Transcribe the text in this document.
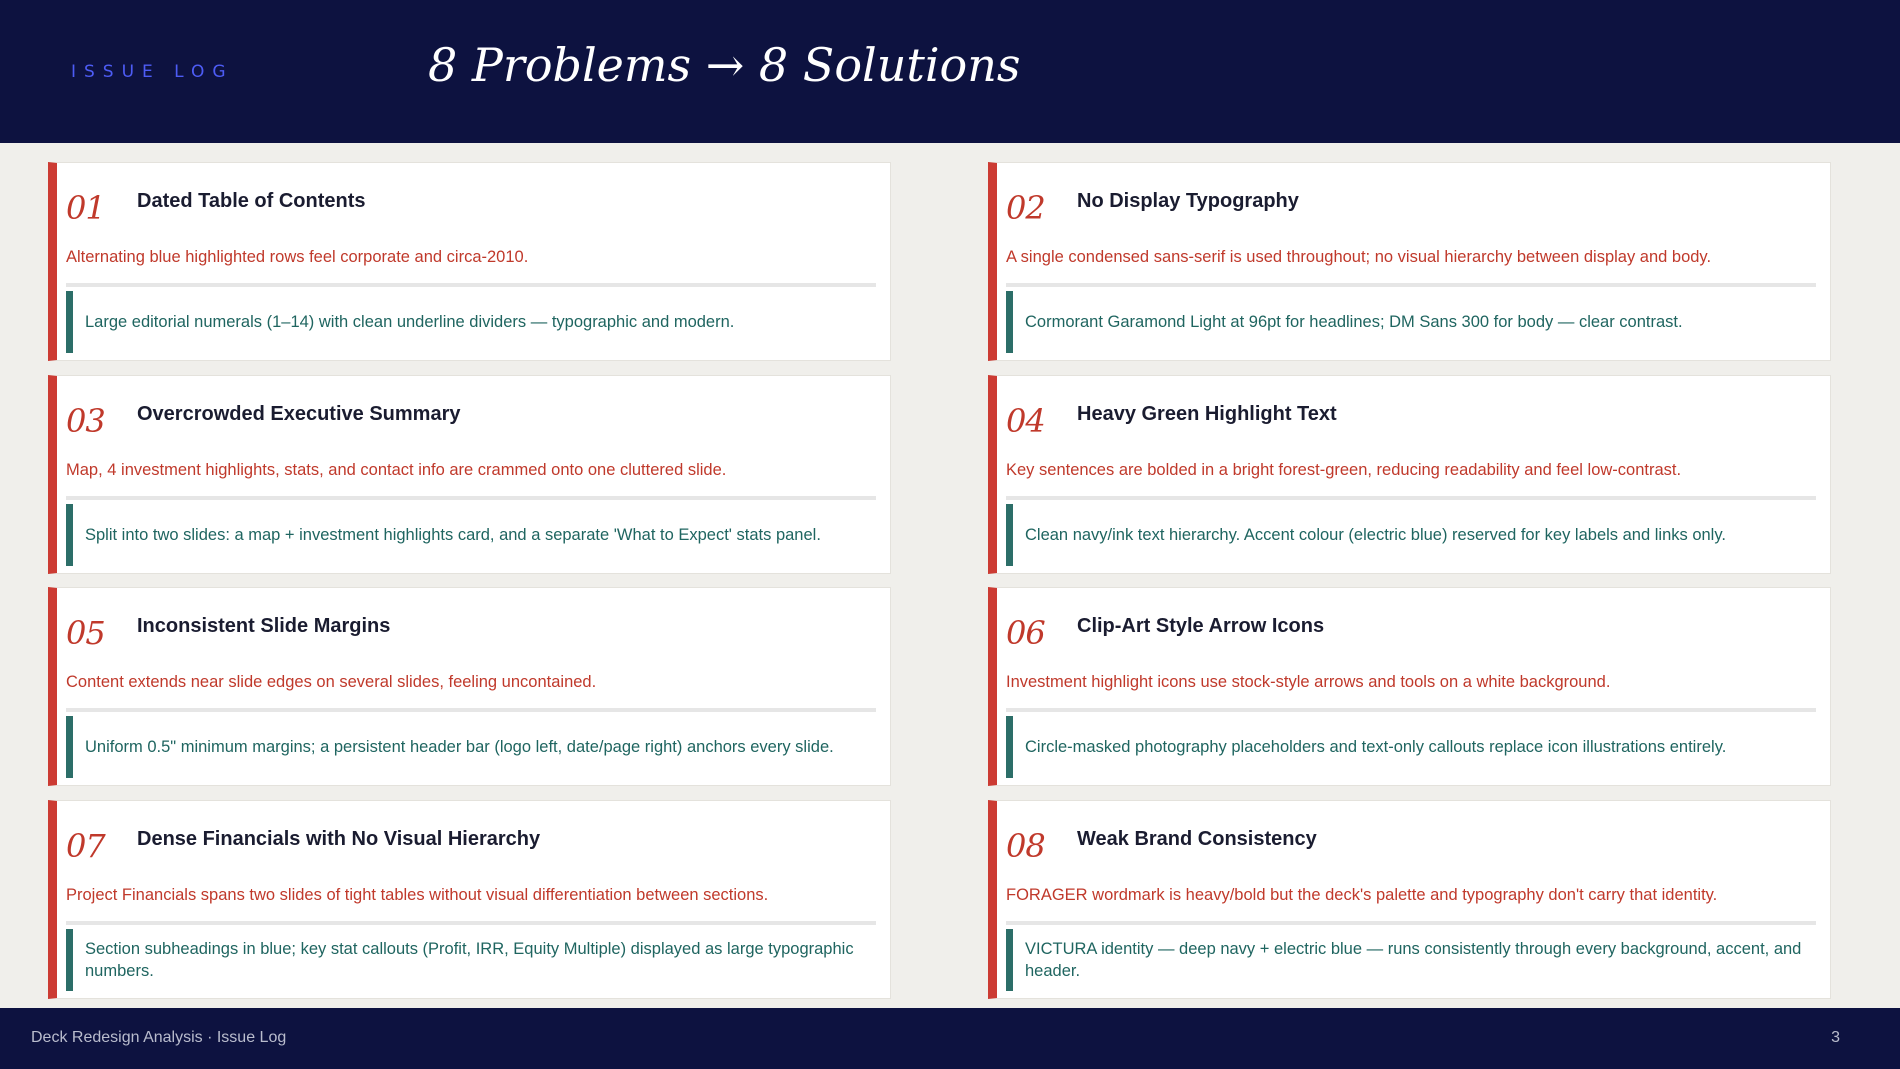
ISSUE LOG	8 Problems → 8 Solutions
01 Dated Table of Contents
Alternating blue highlighted rows feel corporate and circa-2010.
Large editorial numerals (1–14) with clean underline dividers — typographic and modern.
02 No Display Typography
A single condensed sans-serif is used throughout; no visual hierarchy between display and body.
Cormorant Garamond Light at 96pt for headlines; DM Sans 300 for body — clear contrast.
03 Overcrowded Executive Summary
Map, 4 investment highlights, stats, and contact info are crammed onto one cluttered slide.
Split into two slides: a map + investment highlights card, and a separate 'What to Expect' stats panel.
04 Heavy Green Highlight Text
Key sentences are bolded in a bright forest-green, reducing readability and feel low-contrast.
Clean navy/ink text hierarchy. Accent colour (electric blue) reserved for key labels and links only.
05 Inconsistent Slide Margins
Content extends near slide edges on several slides, feeling uncontained.
Uniform 0.5" minimum margins; a persistent header bar (logo left, date/page right) anchors every slide.
06 Clip-Art Style Arrow Icons
Investment highlight icons use stock-style arrows and tools on a white background.
Circle-masked photography placeholders and text-only callouts replace icon illustrations entirely.
07 Dense Financials with No Visual Hierarchy
Project Financials spans two slides of tight tables without visual differentiation between sections.
Section subheadings in blue; key stat callouts (Profit, IRR, Equity Multiple) displayed as large typographic numbers.
08 Weak Brand Consistency
FORAGER wordmark is heavy/bold but the deck's palette and typography don't carry that identity.
VICTURA identity — deep navy + electric blue — runs consistently through every background, accent, and header.
Deck Redesign Analysis · Issue Log	3
